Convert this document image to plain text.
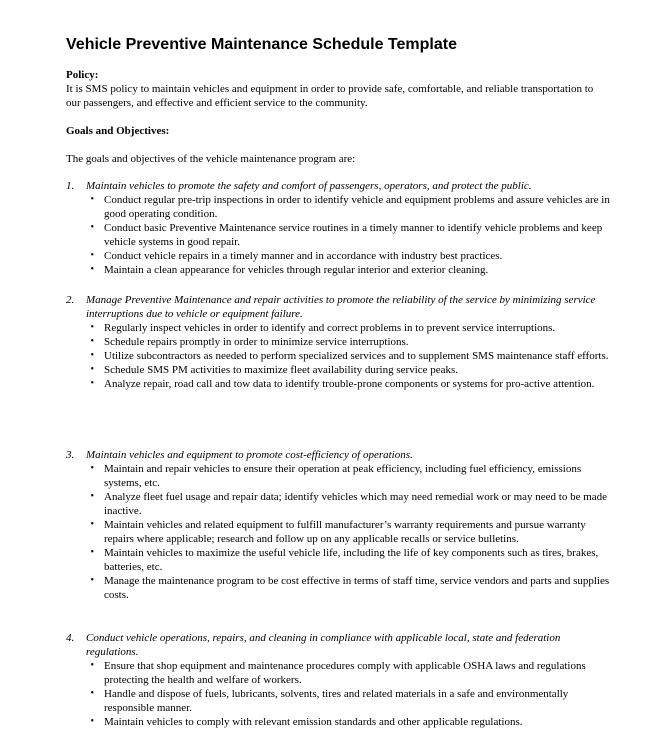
Vehicle Preventive Maintenance Schedule Template

Policy:

It is SMS policy to maintain vehicles and equipment in order to provide safe, comfortable, and reliable transportation to our passengers, and effective and efficient service to the community.

Goals and Objectives:

The goals and objectives of the vehicle maintenance program are:

1.	Maintain vehicles to promote the safety and comfort of passengers, operators, and protect the public.
• Conduct regular pre-trip inspections in order to identify vehicle and equipment problems and assure vehicles are in good operating condition.
• Conduct basic Preventive Maintenance service routines in a timely manner to identify vehicle problems and keep vehicle systems in good repair.
• Conduct vehicle repairs in a timely manner and in accordance with industry best practices.
• Maintain a clean appearance for vehicles through regular interior and exterior cleaning.
2.	Manage Preventive Maintenance and repair activities to promote the reliability of the service by minimizing service interruptions due to vehicle or equipment failure.
• Regularly inspect vehicles in order to identify and correct problems in to prevent service interruptions.
• Schedule repairs promptly in order to minimize service interruptions.
• Utilize subcontractors as needed to perform specialized services and to supplement SMS maintenance staff efforts.
• Schedule SMS PM activities to maximize fleet availability during service peaks.
• Analyze repair, road call and tow data to identify trouble-prone components or systems for pro-active attention.
3.	Maintain vehicles and equipment to promote cost-efficiency of operations.
• Maintain and repair vehicles to ensure their operation at peak efficiency, including fuel efficiency, emissions systems, etc.
• Analyze fleet fuel usage and repair data; identify vehicles which may need remedial work or may need to be made inactive.
• Maintain vehicles and related equipment to fulfill manufacturer’s warranty requirements and pursue warranty repairs where applicable; research and follow up on any applicable recalls or service bulletins.
• Maintain vehicles to maximize the useful vehicle life, including the life of key components such as tires, brakes, batteries, etc.
• Manage the maintenance program to be cost effective in terms of staff time, service vendors and parts and supplies costs.
4.	Conduct vehicle operations, repairs, and cleaning in compliance with applicable local, state and federation regulations.
• Ensure that shop equipment and maintenance procedures comply with applicable OSHA laws and regulations protecting the health and welfare of workers.
• Handle and dispose of fuels, lubricants, solvents, tires and related materials in a safe and environmentally responsible manner.
• Maintain vehicles to comply with relevant emission standards and other applicable regulations.
